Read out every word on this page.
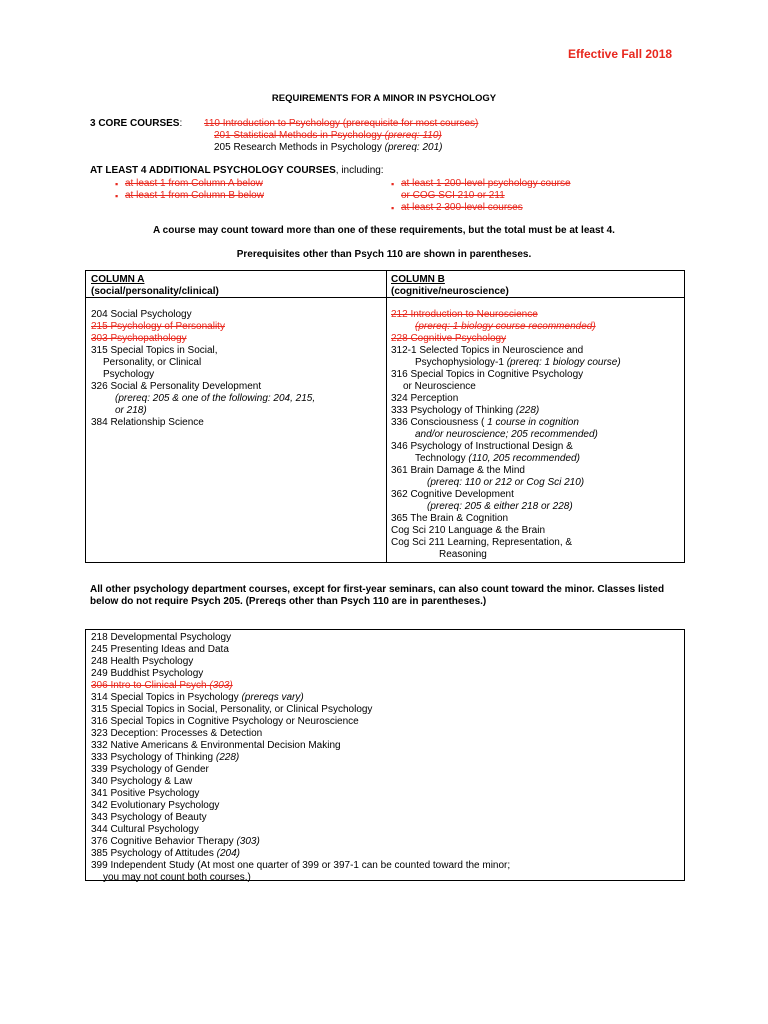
Effective Fall 2018
REQUIREMENTS FOR A MINOR IN PSYCHOLOGY
3 CORE COURSES: 110 Introduction to Psychology (prerequisite for most courses)
201 Statistical Methods in Psychology (prereq: 110)
205 Research Methods in Psychology (prereq: 201)
AT LEAST 4 ADDITIONAL PSYCHOLOGY COURSES, including:
▪ at least 1 from Column A below
▪ at least 1 from Column B below
▪ at least 1 200-level psychology course
or COG SCI 210 or 211
▪ at least 2 300-level courses
A course may count toward more than one of these requirements, but the total must be at least 4.
Prerequisites other than Psych 110 are shown in parentheses.
COLUMN A
(social/personality/clinical)
COLUMN B
(cognitive/neuroscience)
204 Social Psychology
215 Psychology of Personality
303 Psychopathology
315 Special Topics in Social,
Personality, or Clinical
Psychology
326 Social & Personality Development
(prereq: 205 & one of the following: 204, 215,
or 218)
384 Relationship Science
212 Introduction to Neuroscience
(prereq: 1 biology course recommended)
228 Cognitive Psychology
312-1 Selected Topics in Neuroscience and
Psychophysiology-1 (prereq: 1 biology course)
316 Special Topics in Cognitive Psychology
or Neuroscience
324 Perception
333 Psychology of Thinking (228)
336 Consciousness ( 1 course in cognition
and/or neuroscience; 205 recommended)
346 Psychology of Instructional Design &
Technology (110, 205 recommended)
361 Brain Damage & the Mind
(prereq: 110 or 212 or Cog Sci 210)
362 Cognitive Development
(prereq: 205 & either 218 or 228)
365 The Brain & Cognition
Cog Sci 210 Language & the Brain
Cog Sci 211 Learning, Representation, &
Reasoning
All other psychology department courses, except for first-year seminars, can also count toward the minor. Classes listed below do not require Psych 205. (Prereqs other than Psych 110 are in parentheses.)
218 Developmental Psychology
245 Presenting Ideas and Data
248 Health Psychology
249 Buddhist Psychology
306 Intro to Clinical Psych (303)
314 Special Topics in Psychology (prereqs vary)
315 Special Topics in Social, Personality, or Clinical Psychology
316 Special Topics in Cognitive Psychology or Neuroscience
323 Deception: Processes & Detection
332 Native Americans & Environmental Decision Making
333 Psychology of Thinking (228)
339 Psychology of Gender
340 Psychology & Law
341 Positive Psychology
342 Evolutionary Psychology
343 Psychology of Beauty
344 Cultural Psychology
376 Cognitive Behavior Therapy (303)
385 Psychology of Attitudes (204)
399 Independent Study (At most one quarter of 399 or 397-1 can be counted toward the minor;
you may not count both courses.)
